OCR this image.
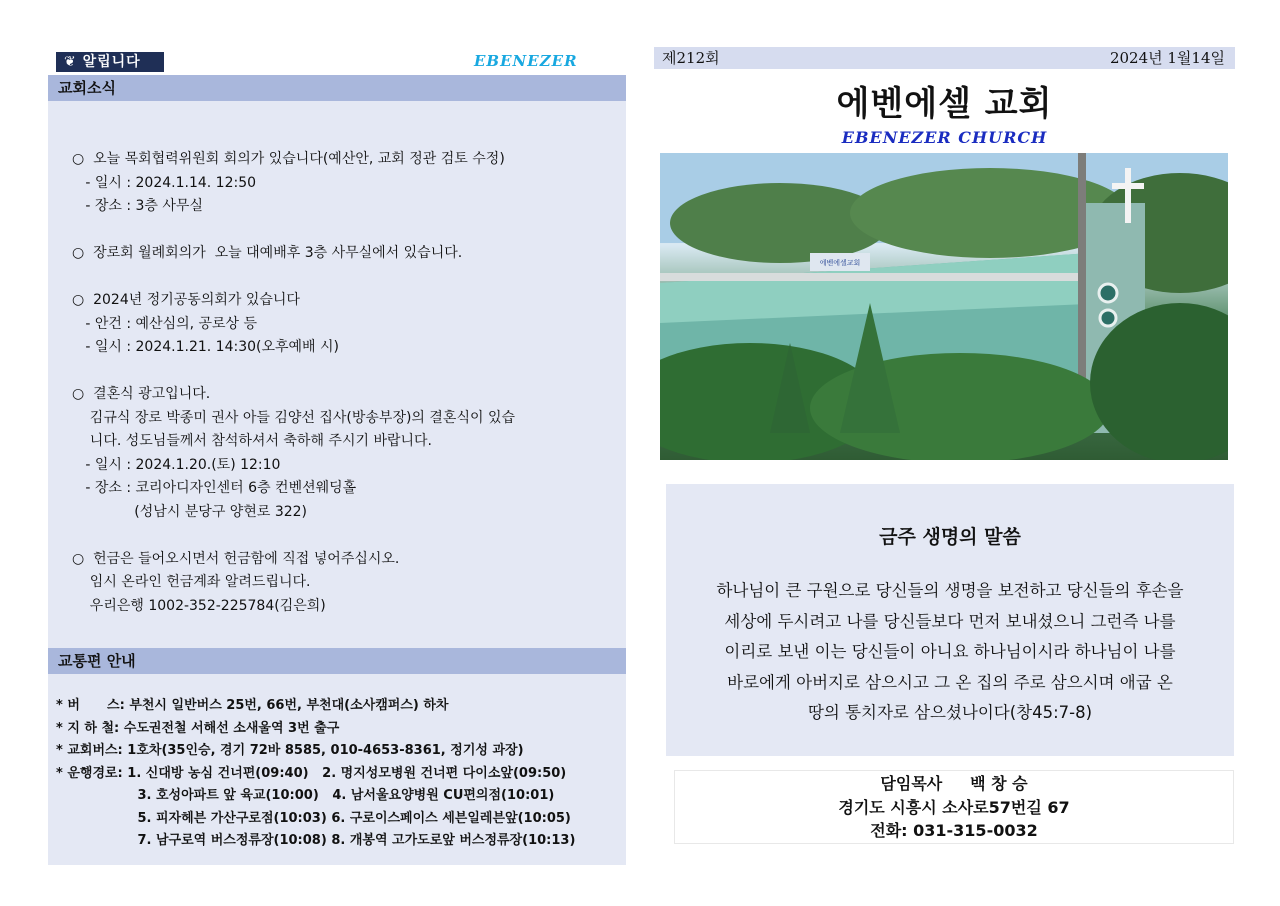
❦ 알립니다	EBENEZER
교회소식

○  오늘 목회협력위원회 회의가 있습니다(예산안, 교회 정관 검토 수정)

- 일시 : 2024.1.14. 12:50

- 장소 : 3층 사무실

○  장로회 월례회의가  오늘 대예배후 3층 사무실에서 있습니다.

○  2024년 정기공동의회가 있습니다

- 안건 : 예산심의, 공로상 등

- 일시 : 2024.1.21. 14:30(오후예배 시)

○  결혼식 광고입니다.

김규식 장로 박종미 권사 아들 김양선 집사(방송부장)의 결혼식이 있습

니다. 성도님들께서 참석하셔서 축하해 주시기 바랍니다.

- 일시 : 2024.1.20.(토) 12:10

- 장소 : 코리아디자인센터 6층 컨벤션웨딩홀

(성남시 분당구 양현로 322)

○  헌금은 들어오시면서 헌금함에 직접 넣어주십시오.

임시 온라인 헌금계좌 알려드립니다.

우리은행 1002-352-225784(김은희)

교통편 안내

* 버      스: 부천시 일반버스 25번, 66번, 부천대(소사캠퍼스) 하차

* 지 하 철: 수도권전철 서해선 소새울역 3번 출구

* 교회버스: 1호차(35인승, 경기 72바 8585, 010-4653-8361, 정기성 과장)

* 운행경로: 1. 신대방 농심 건너편(09:40)   2. 명지성모병원 건너편 다이소앞(09:50)

3. 호성아파트 앞 육교(10:00)   4. 남서울요양병원 CU편의점(10:01)

5. 피자헤븐 가산구로점(10:03) 6. 구로이스페이스 세븐일레븐앞(10:05)

7. 남구로역 버스정류장(10:08) 8. 개봉역 고가도로앞 버스정류장(10:13)

제212회	2024년 1월14일
에벤에셀 교회
EBENEZER CHURCH
에벤에셀교회
금주 생명의 말씀

하나님이 큰 구원으로 당신들의 생명을 보전하고 당신들의 후손을

세상에 두시려고 나를 당신들보다 먼저 보내셨으니 그런즉 나를

이리로 보낸 이는 당신들이 아니요 하나님이시라 하나님이 나를

바로에게 아버지로 삼으시고 그 온 집의 주로 삼으시며 애굽 온

땅의 통치자로 삼으셨나이다(창45:7-8)

담임목사     백 창 승

경기도 시흥시 소사로57번길 67

전화: 031-315-0032
